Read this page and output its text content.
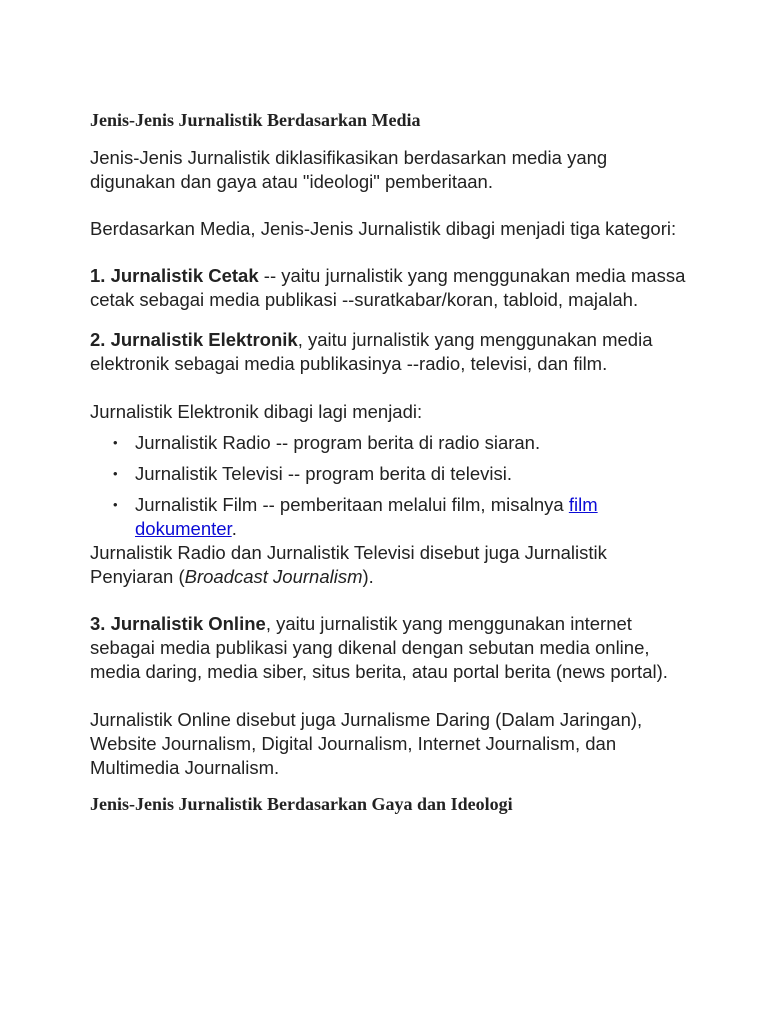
Jenis-Jenis Jurnalistik Berdasarkan Media

Jenis-Jenis Jurnalistik diklasifikasikan berdasarkan media yang digunakan dan gaya atau "ideologi" pemberitaan.

Berdasarkan Media, Jenis-Jenis Jurnalistik dibagi menjadi tiga kategori:

1. Jurnalistik Cetak -- yaitu jurnalistik yang menggunakan media massa cetak sebagai media publikasi --suratkabar/koran, tabloid, majalah.

2. Jurnalistik Elektronik, yaitu jurnalistik yang menggunakan media elektronik sebagai media publikasinya --radio, televisi, dan film.

Jurnalistik Elektronik dibagi lagi menjadi:

• Jurnalistik Radio -- program berita di radio siaran.
• Jurnalistik Televisi -- program berita di televisi.
• Jurnalistik Film -- pemberitaan melalui film, misalnya film dokumenter.

Jurnalistik Radio dan Jurnalistik Televisi disebut juga Jurnalistik Penyiaran (Broadcast Journalism).

3. Jurnalistik Online, yaitu jurnalistik yang menggunakan internet sebagai media publikasi yang dikenal dengan sebutan media online, media daring, media siber, situs berita, atau portal berita (news portal).

Jurnalistik Online disebut juga Jurnalisme Daring (Dalam Jaringan), Website Journalism, Digital Journalism, Internet Journalism, dan Multimedia Journalism.

Jenis-Jenis Jurnalistik Berdasarkan Gaya dan Ideologi
